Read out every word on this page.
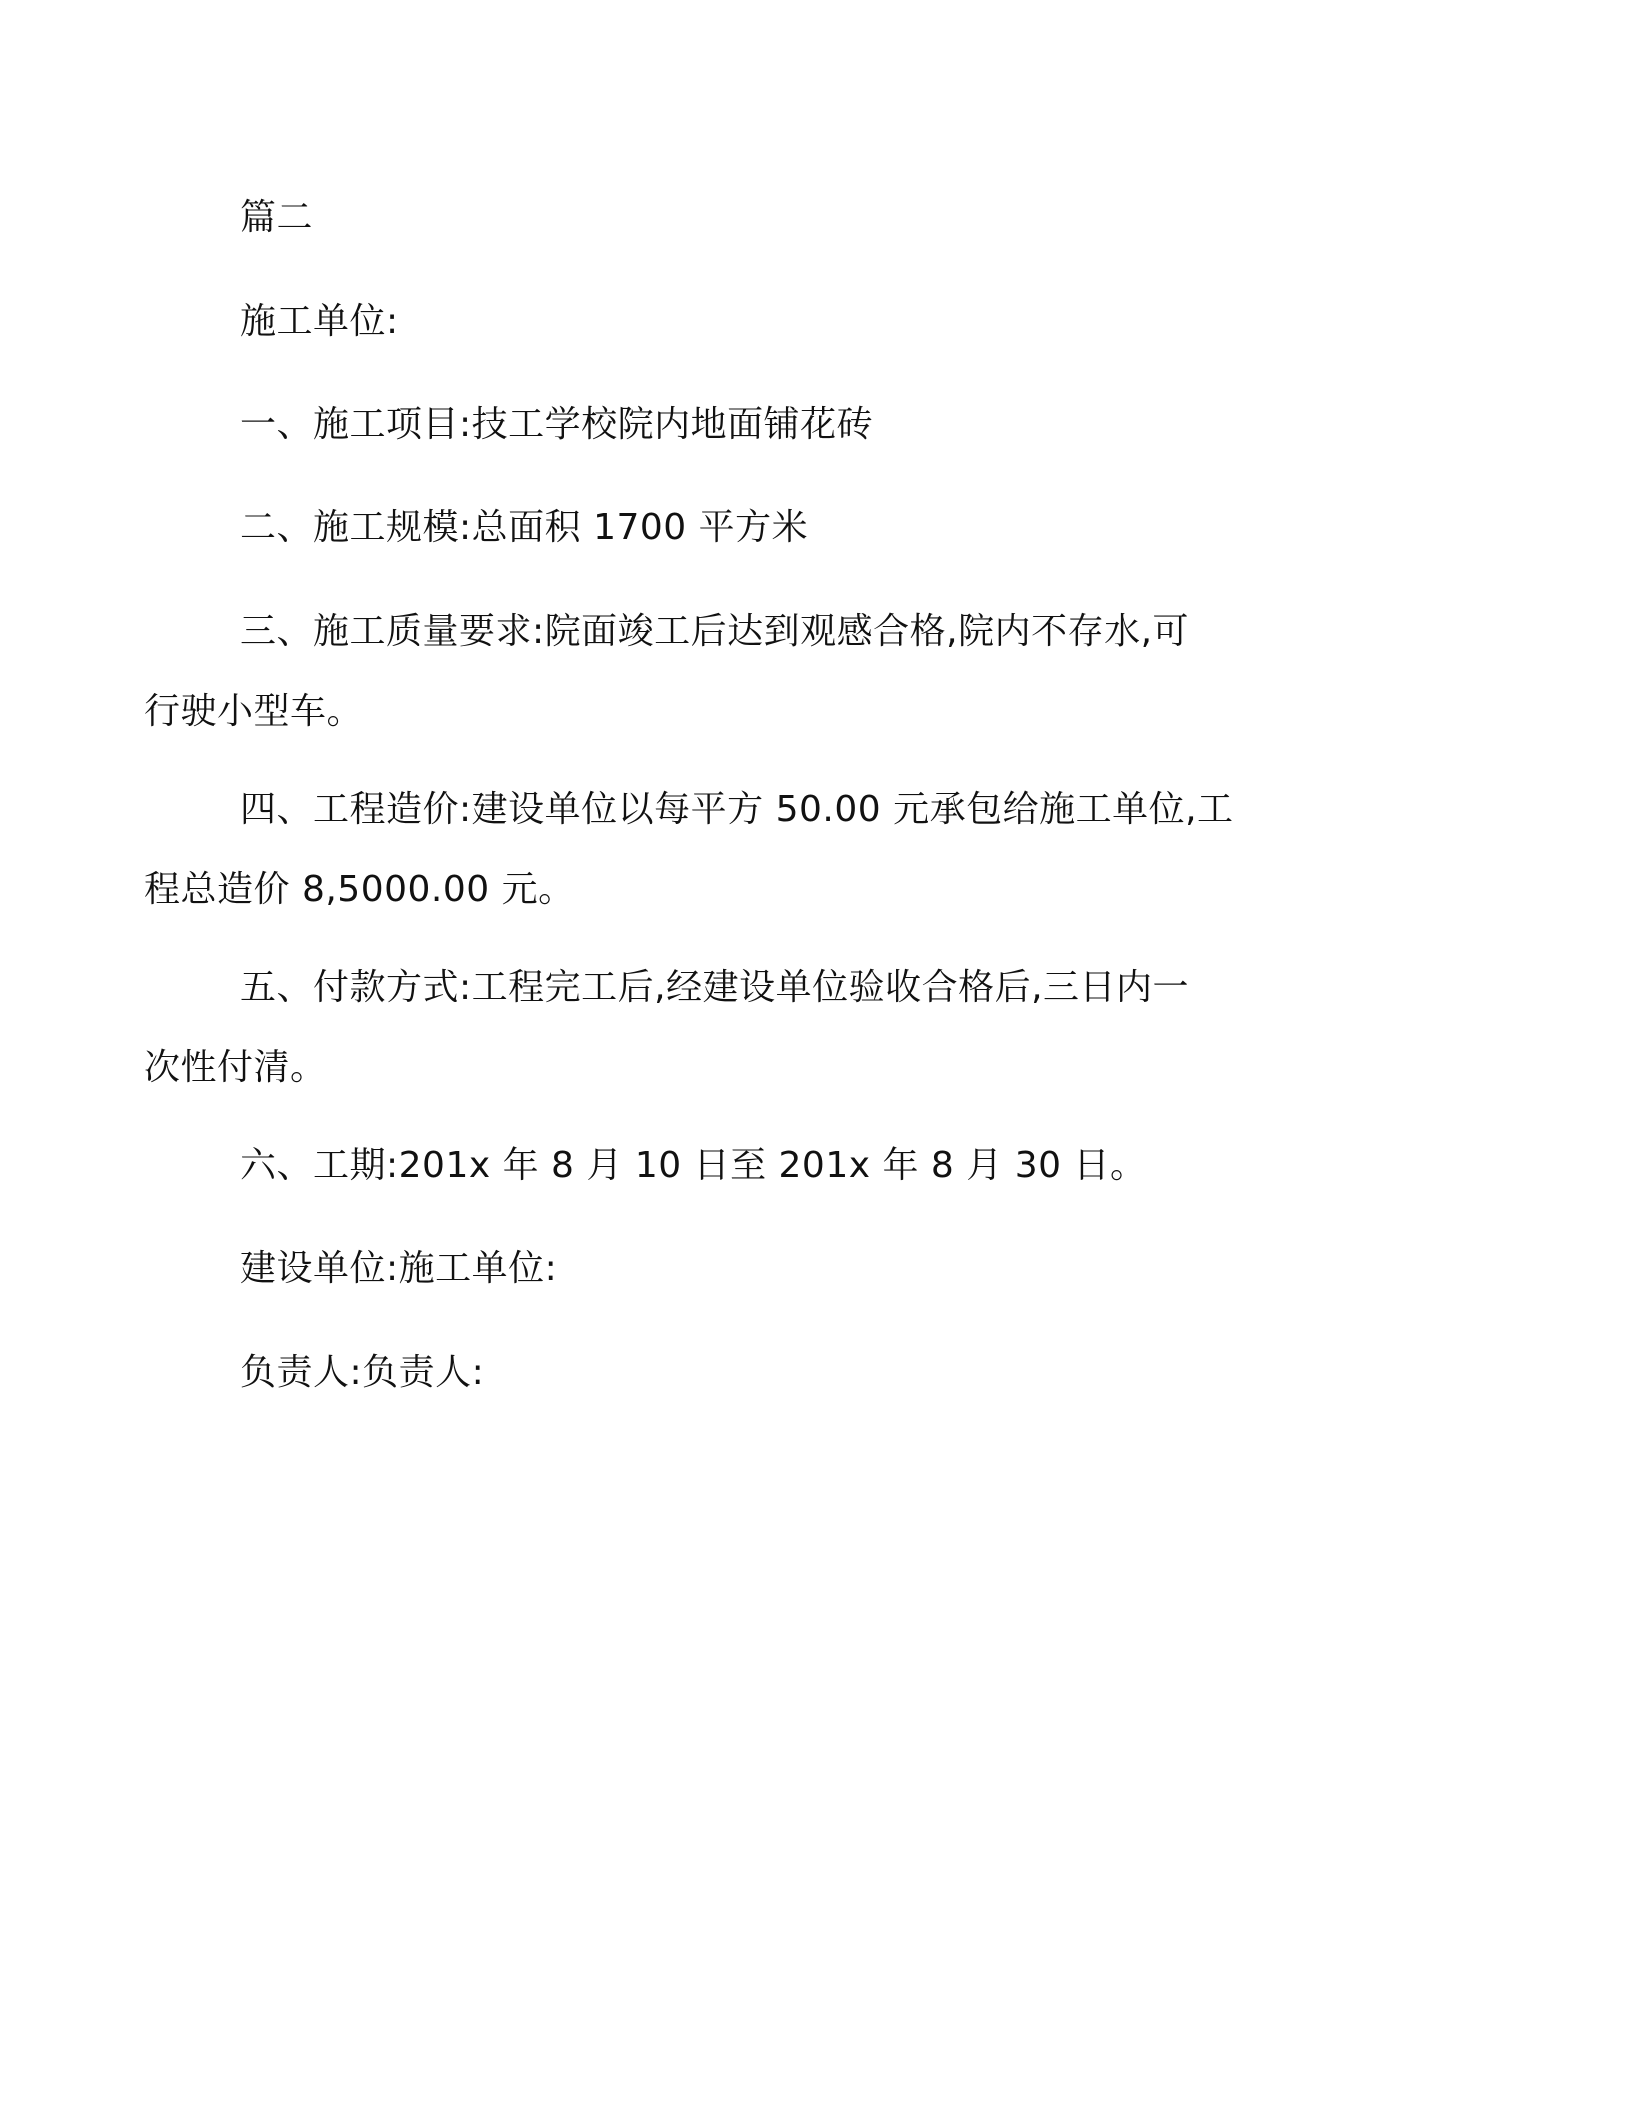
篇二
施工单位:
一、施工项目:技工学校院内地面铺花砖
二、施工规模:总面积 1700 平方米
三、施工质量要求:院面竣工后达到观感合格,院内不存水,可
行驶小型车。
四、工程造价:建设单位以每平方 50.00 元承包给施工单位,工
程总造价 8,5000.00 元。
五、付款方式:工程完工后,经建设单位验收合格后,三日内一
次性付清。
六、工期:201x 年 8 月 10 日至 201x 年 8 月 30 日。
建设单位:施工单位:
负责人:负责人:
